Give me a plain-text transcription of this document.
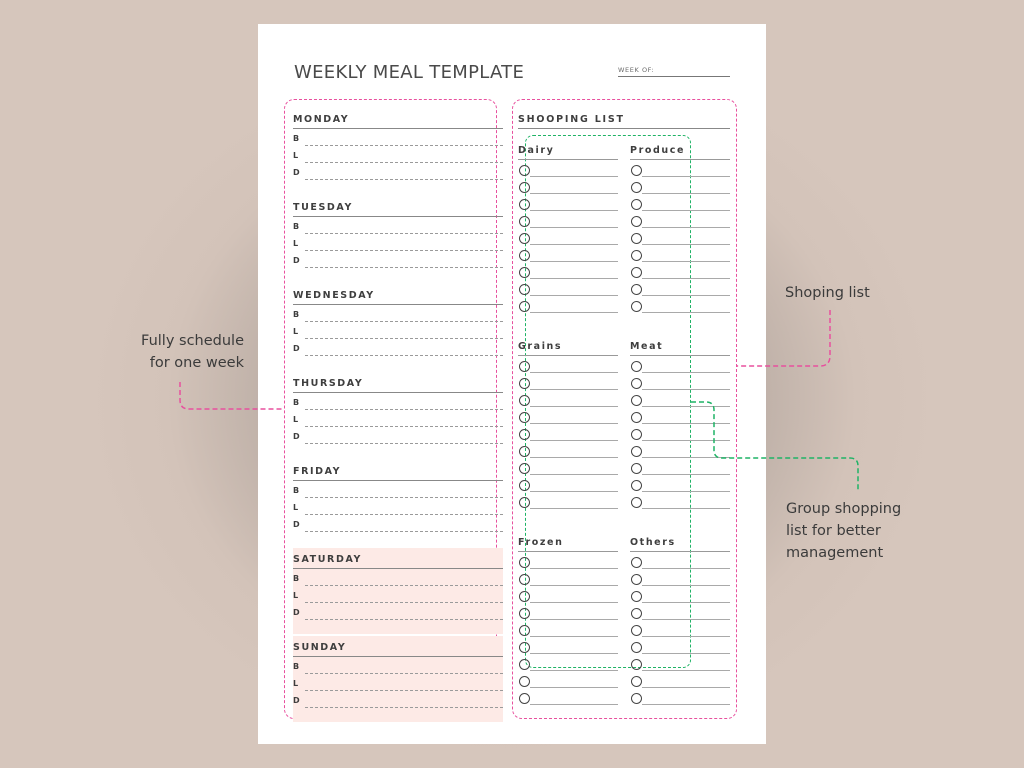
WEEKLY MEAL TEMPLATE	WEEK OF:
MONDAY
B
L
D
TUESDAY
B
L
D
WEDNESDAY
B
L
D
THURSDAY
B
L
D
FRIDAY
B
L
D
SATURDAY
B
L
D
SUNDAY
B
L
D
SHOOPING LIST
Dairy	Produce
Grains	Meat
Frozen	Others
Fully schedule
for one week
Shoping list
Group shopping
list for better
management
